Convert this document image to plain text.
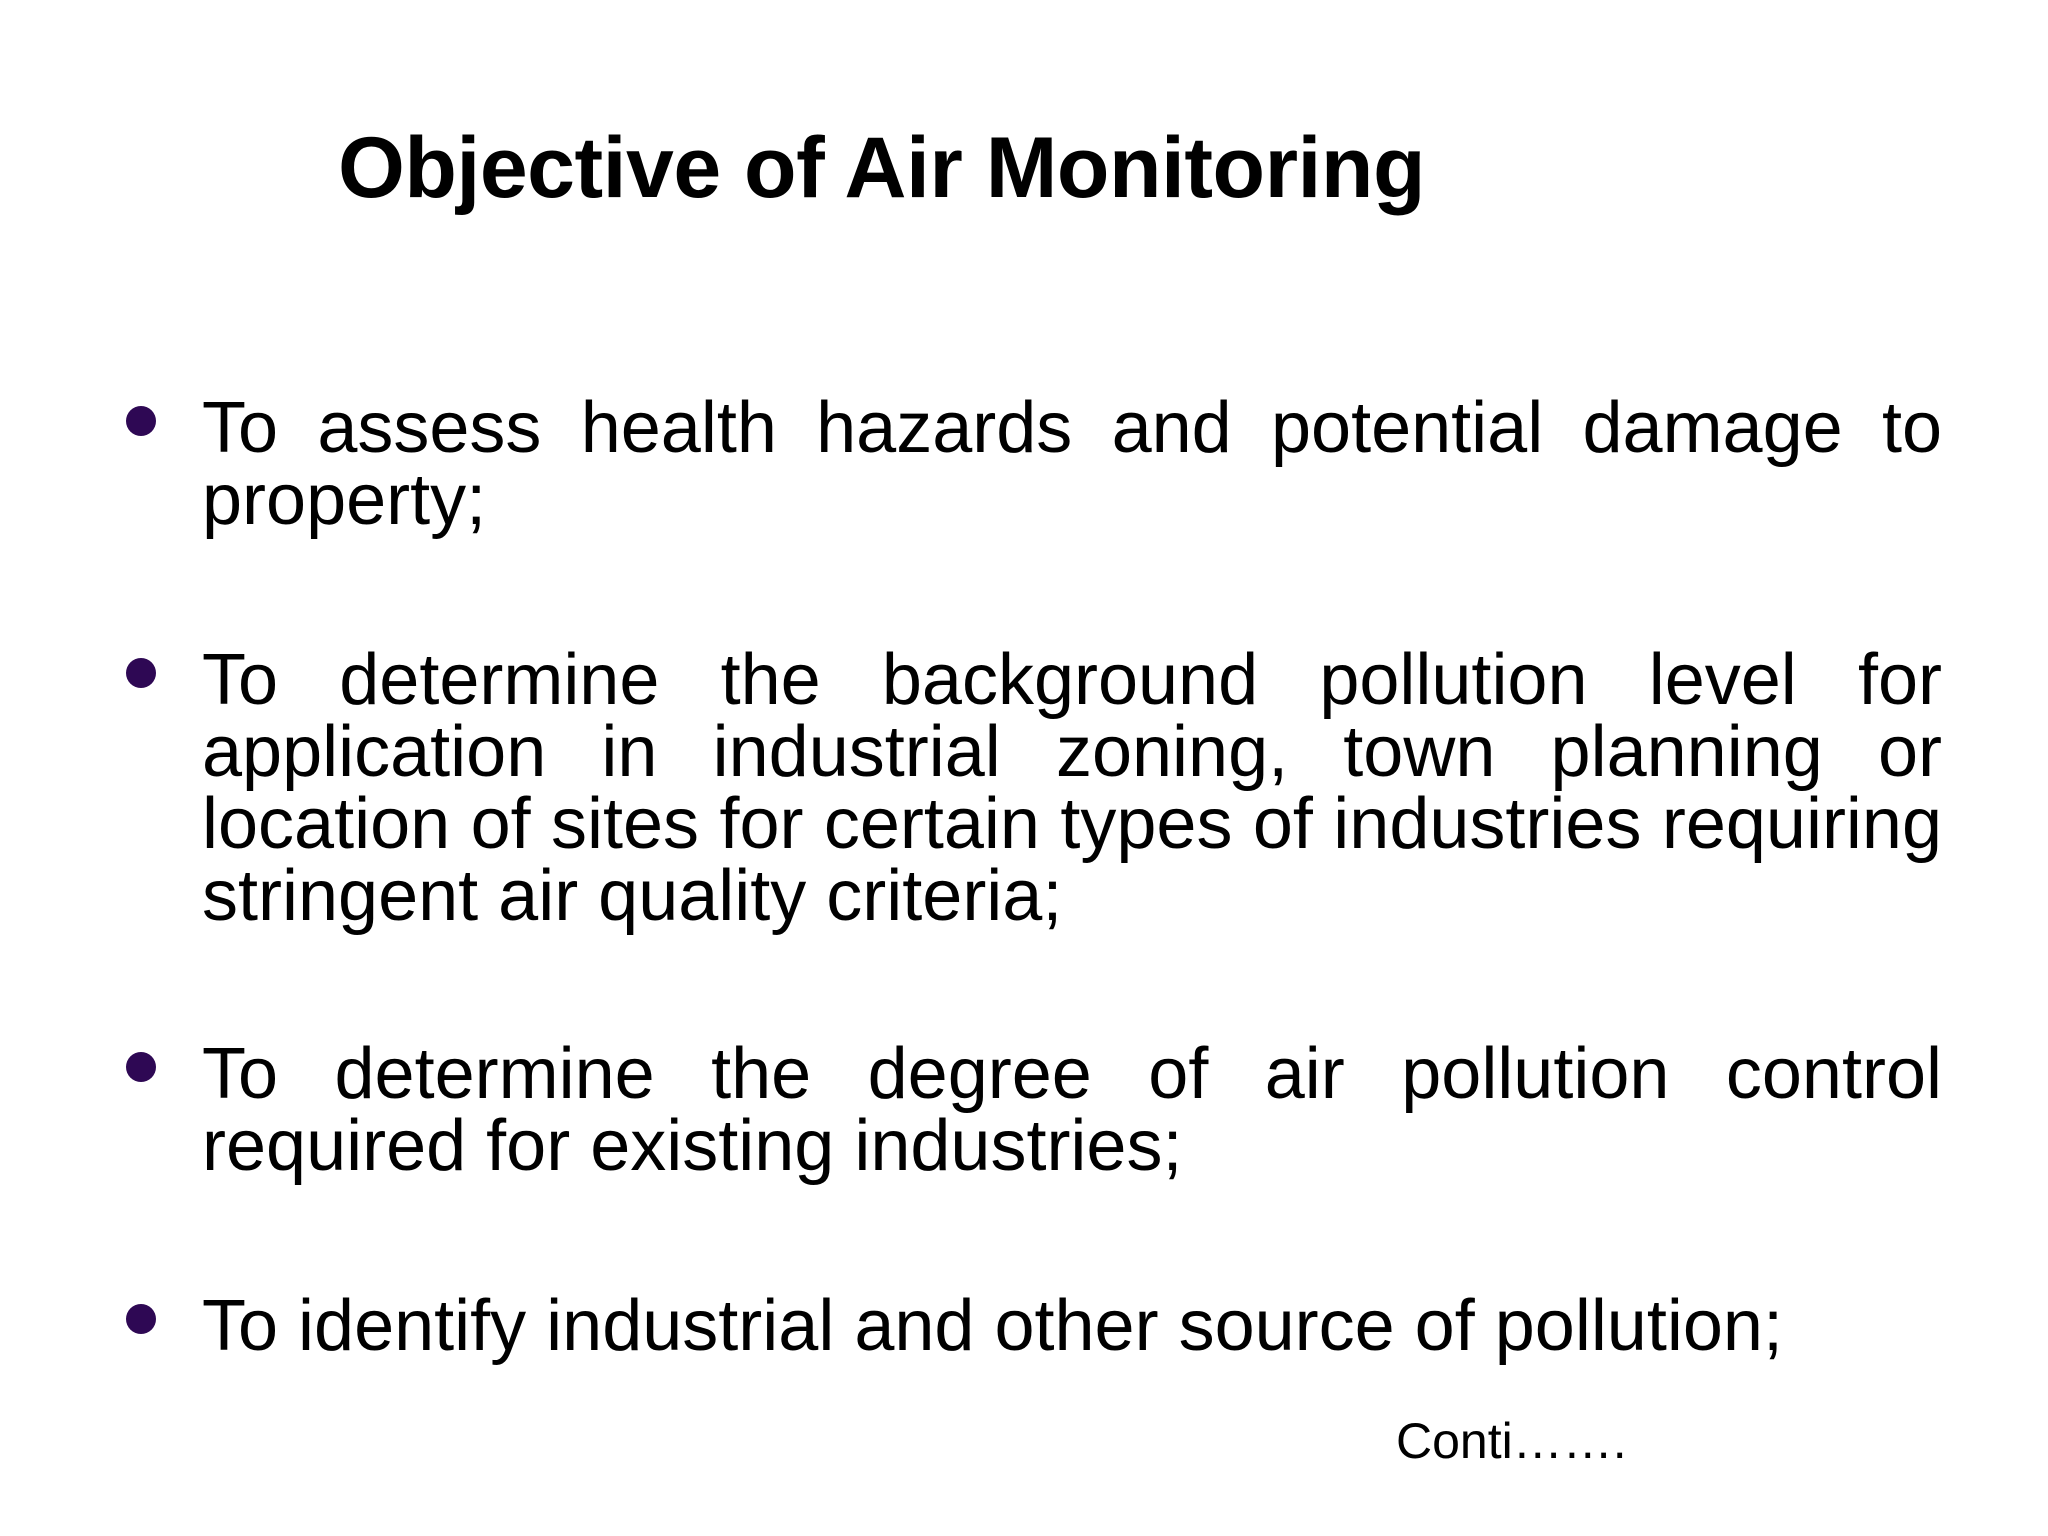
Objective of Air Monitoring
To assess health hazards and potential damage to property;
To determine the background pollution level for application in industrial zoning, town planning or location of sites for certain types of industries requiring stringent air quality criteria;
To determine the degree of air pollution control required for existing industries;
To identify industrial and other source of pollution;
Conti…….
